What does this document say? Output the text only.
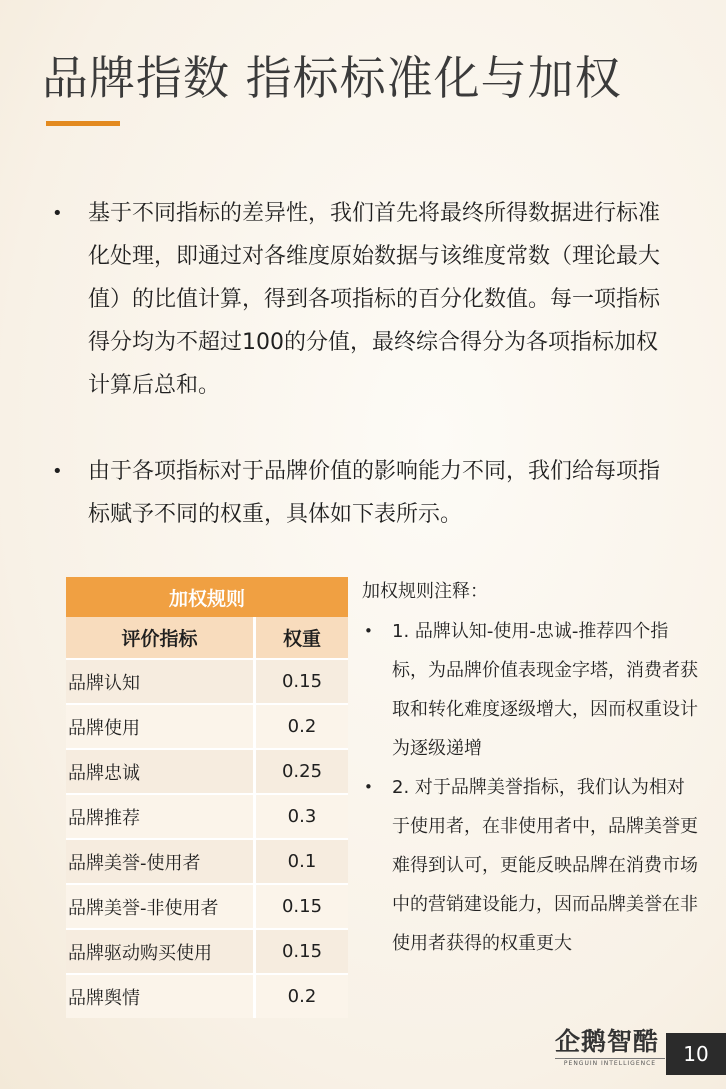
品牌指数 指标标准化与加权
• 基于不同指标的差异性，我们首先将最终所得数据进行标准化处理，即通过对各维度原始数据与该维度常数（理论最大值）的比值计算，得到各项指标的百分化数值。每一项指标得分均为不超过100的分值，最终综合得分为各项指标加权计算后总和。
• 由于各项指标对于品牌价值的影响能力不同，我们给每项指标赋予不同的权重，具体如下表所示。
加权规则	
评价指标	权重
品牌认知	0.15
品牌使用	0.2
品牌忠诚	0.25
品牌推荐	0.3
品牌美誉-使用者	0.1
品牌美誉-非使用者	0.15
品牌驱动购买使用	0.15
品牌舆情	0.2
加权规则注释：
• 1. 品牌认知-使用-忠诚-推荐四个指标，为品牌价值表现金字塔，消费者获取和转化难度逐级增大，因而权重设计为逐级递增
• 2. 对于品牌美誉指标，我们认为相对于使用者，在非使用者中，品牌美誉更难得到认可，更能反映品牌在消费市场中的营销建设能力，因而品牌美誉在非使用者获得的权重更大
企鹅智酷
PENGUIN INTELLIGENCE	10
